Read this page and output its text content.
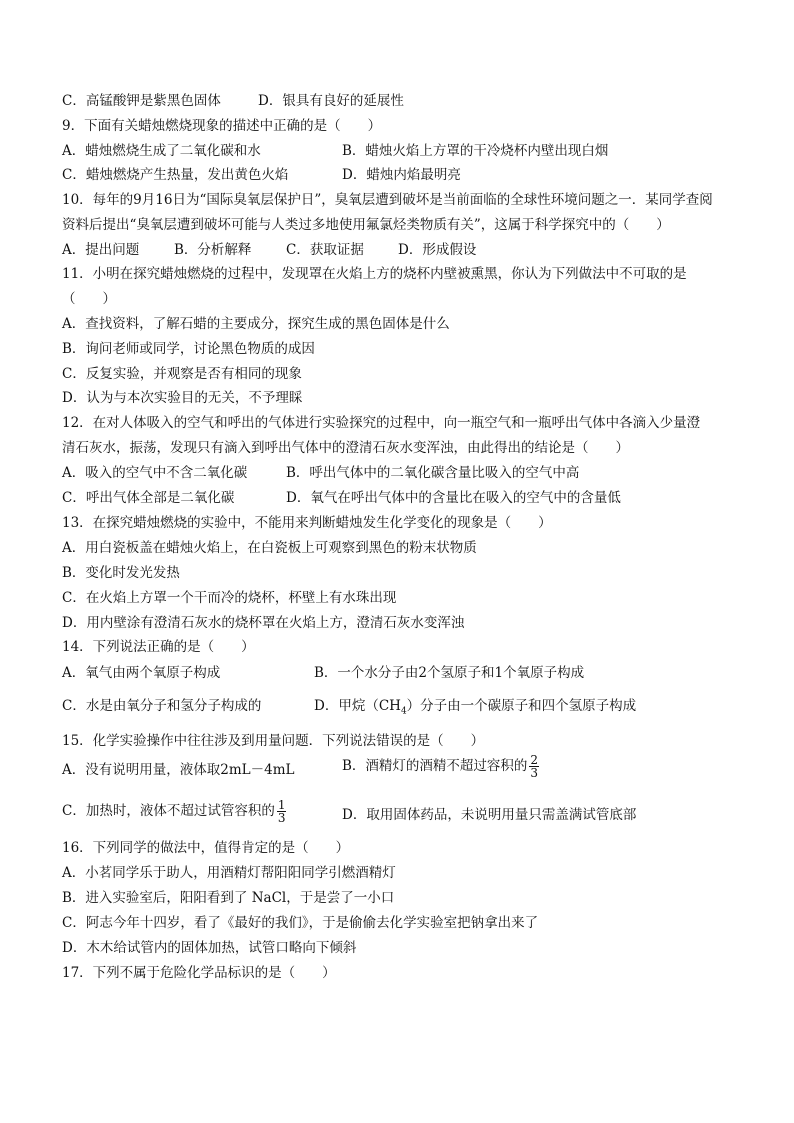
C．高锰酸钾是紫黑色固体	D．银具有良好的延展性
9．下面有关蜡烛燃烧现象的描述中正确的是（　　）
A．蜡烛燃烧生成了二氧化碳和水	B．蜡烛火焰上方罩的干冷烧杯内壁出现白烟
C．蜡烛燃烧产生热量，发出黄色火焰	D．蜡烛内焰最明亮
10．每年的9月16日为“国际臭氧层保护日”，臭氧层遭到破坏是当前面临的全球性环境问题之一．某同学查阅
资料后提出“臭氧层遭到破坏可能与人类过多地使用氟氯烃类物质有关”，这属于科学探究中的（　　）
A．提出问题	B．分析解释	C．获取证据	D．形成假设
11．小明在探究蜡烛燃烧的过程中，发现罩在火焰上方的烧杯内壁被熏黑，你认为下列做法中不可取的是
（　　）
A．查找资料，了解石蜡的主要成分，探究生成的黑色固体是什么
B．询问老师或同学，讨论黑色物质的成因
C．反复实验，并观察是否有相同的现象
D．认为与本次实验目的无关，不予理睬
12．在对人体吸入的空气和呼出的气体进行实验探究的过程中，向一瓶空气和一瓶呼出气体中各滴入少量澄
清石灰水，振荡，发现只有滴入到呼出气体中的澄清石灰水变浑浊，由此得出的结论是（　　）
A．吸入的空气中不含二氧化碳	B．呼出气体中的二氧化碳含量比吸入的空气中高
C．呼出气体全部是二氧化碳	D．氧气在呼出气体中的含量比在吸入的空气中的含量低
13．在探究蜡烛燃烧的实验中，不能用来判断蜡烛发生化学变化的现象是（　　）
A．用白瓷板盖在蜡烛火焰上，在白瓷板上可观察到黑色的粉末状物质
B．变化时发光发热
C．在火焰上方罩一个干而冷的烧杯，杯壁上有水珠出现
D．用内壁涂有澄清石灰水的烧杯罩在火焰上方，澄清石灰水变浑浊
14．下列说法正确的是（　　）
A．氧气由两个氧原子构成	B．一个水分子由2个氢原子和1个氧原子构成
C．水是由氧分子和氢分子构成的	D．甲烷$(CH_4)$分子由一个碳原子和四个氢原子构成
15．化学实验操作中往往涉及到用量问题．下列说法错误的是（　　）
A．没有说明用量，液体取2mL－4mL	B．酒精灯的酒精不超过容积的 $\frac{2}{3}$
C．加热时，液体不超过试管容积的 $\frac{1}{3}$	D．取用固体药品，未说明用量只需盖满试管底部
16．下列同学的做法中，值得肯定的是（　　）
A．小茗同学乐于助人，用酒精灯帮阳阳同学引燃酒精灯
B．进入实验室后，阳阳看到了 NaCl，于是尝了一小口
C．阿志今年十四岁，看了《最好的我们》，于是偷偷去化学实验室把钠拿出来了
D．木木给试管内的固体加热，试管口略向下倾斜
17．下列不属于危险化学品标识的是（　　）
